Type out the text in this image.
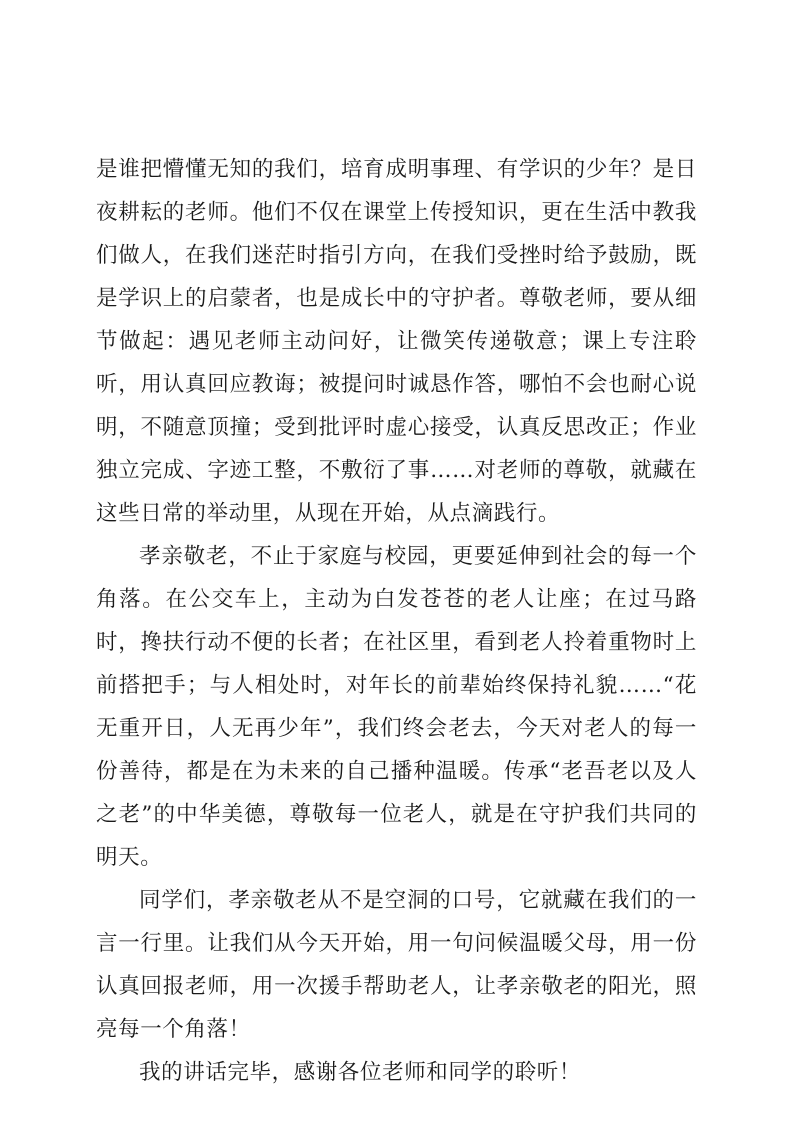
是谁把懵懂无知的我们，培育成明事理、有学识的少年？是日夜耕耘的老师。他们不仅在课堂上传授知识，更在生活中教我们做人，在我们迷茫时指引方向，在我们受挫时给予鼓励，既是学识上的启蒙者，也是成长中的守护者。尊敬老师，要从细节做起：遇见老师主动问好，让微笑传递敬意；课上专注聆听，用认真回应教诲；被提问时诚恳作答，哪怕不会也耐心说明，不随意顶撞；受到批评时虚心接受，认真反思改正；作业独立完成、字迹工整，不敷衍了事……对老师的尊敬，就藏在这些日常的举动里，从现在开始，从点滴践行。

孝亲敬老，不止于家庭与校园，更要延伸到社会的每一个角落。在公交车上，主动为白发苍苍的老人让座；在过马路时，搀扶行动不便的长者；在社区里，看到老人拎着重物时上前搭把手；与人相处时，对年长的前辈始终保持礼貌……“花无重开日，人无再少年”，我们终会老去，今天对老人的每一份善待，都是在为未来的自己播种温暖。传承“老吾老以及人之老”的中华美德，尊敬每一位老人，就是在守护我们共同的明天。

同学们，孝亲敬老从不是空洞的口号，它就藏在我们的一言一行里。让我们从今天开始，用一句问候温暖父母，用一份认真回报老师，用一次援手帮助老人，让孝亲敬老的阳光，照亮每一个角落！

我的讲话完毕，感谢各位老师和同学的聆听！
